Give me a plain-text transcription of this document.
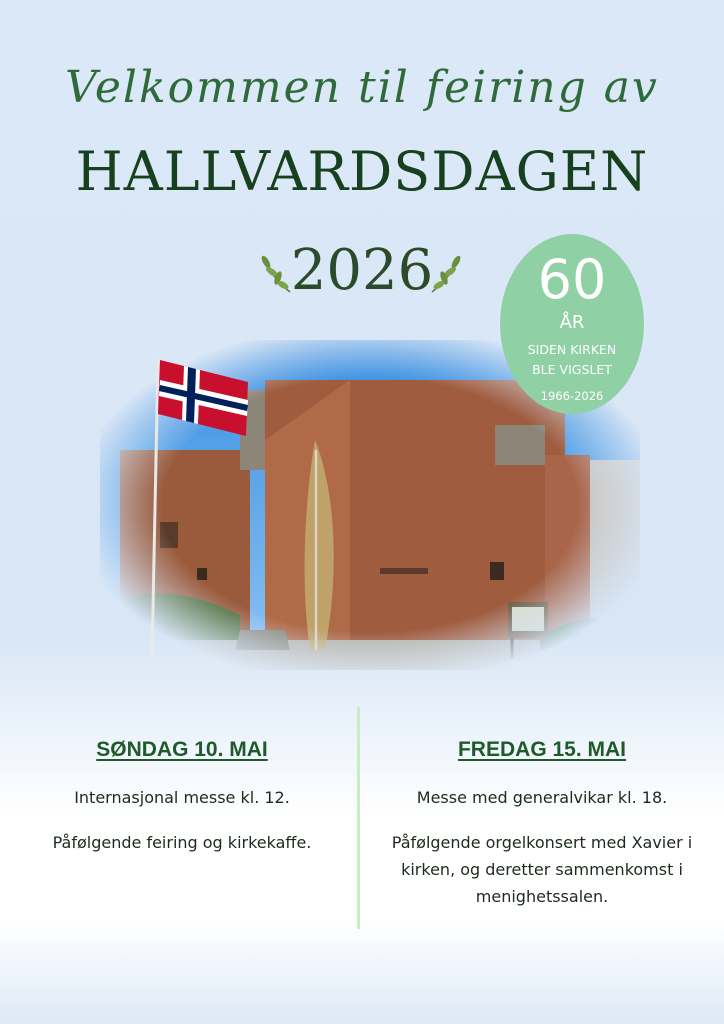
Velkommen til feiring av
HALLVARDSDAGEN
2026	60
ÅR
SIDEN KIRKEN
BLE VIGSLET
1966-2026
SØNDAG 10. MAI

Internasjonal messe kl. 12.

Påfølgende feiring og kirkekaffe.

FREDAG 15. MAI

Messe med generalvikar kl. 18.

Påfølgende orgelkonsert med Xavier i kirken, og deretter sammenkomst i menighetssalen.
